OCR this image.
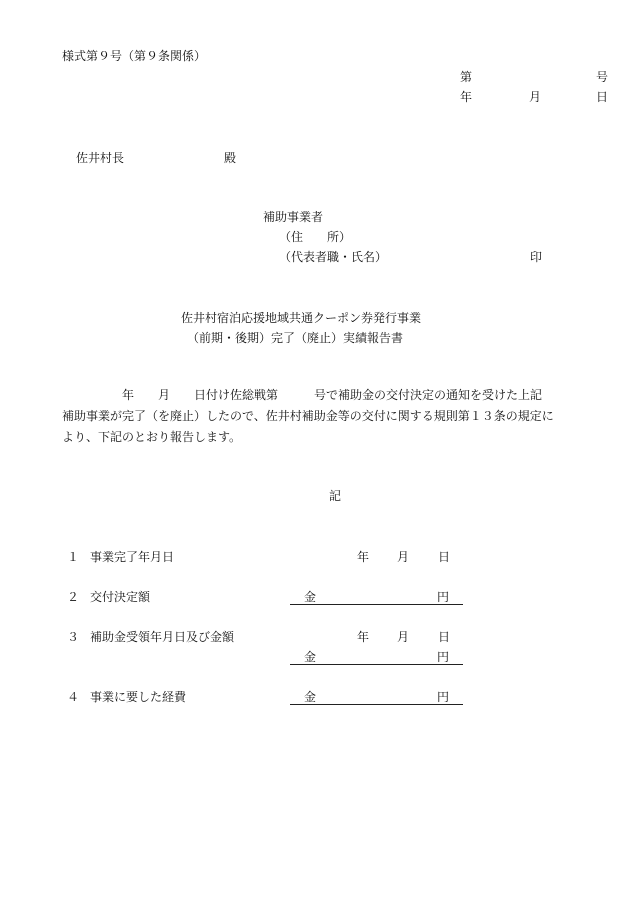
様式第９号（第９条関係）
第	号
年	月	日
佐井村長	殿
補助事業者
（住　　所）
（代表者職・氏名）	印
佐井村宿泊応援地域共通クーポン券発行事業
（前期・後期）完了（廃止）実績報告書
　　　　　年　　月　　日付け佐総戦第　　　号で補助金の交付決定の通知を受けた上記
補助事業が完了（を廃止）したので、佐井村補助金等の交付に関する規則第１３条の規定に
より、下記のとおり報告します。
記
１ 事業完了年月日	年 月 日
２ 交付決定額	金	円
３ 補助金受領年月日及び金額	年 月 日
金	円
４ 事業に要した経費	金	円
